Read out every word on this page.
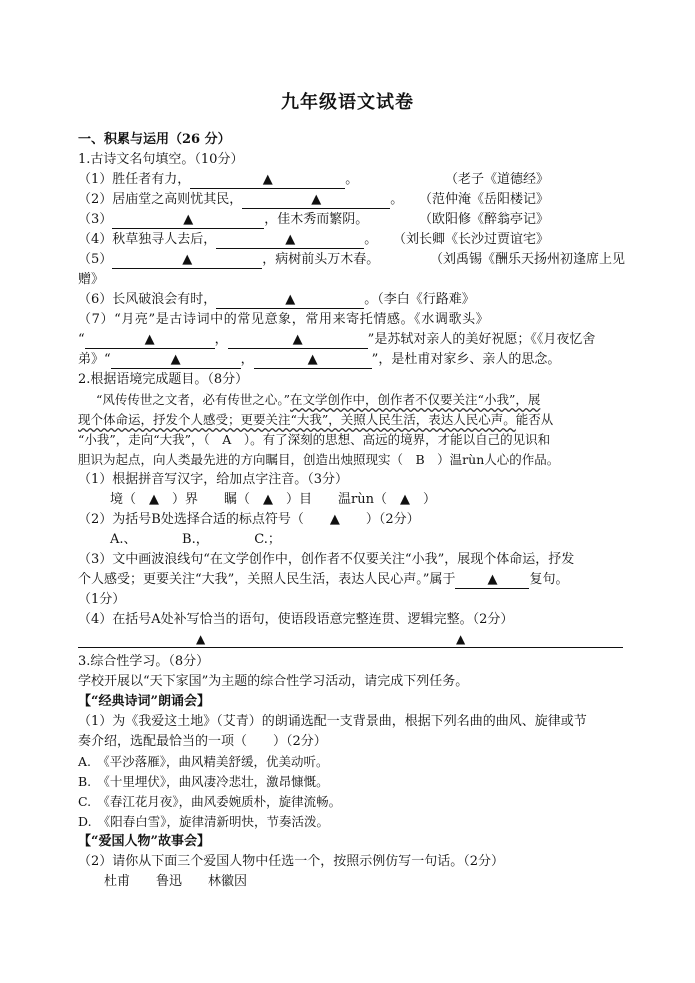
九年级语文试卷
一、积累与运用（26 分）
1.古诗文名句填空。（10分）
（1）胜任者有力，	▲	。	（老子《道德经》
（2）居庙堂之高则忧其民，	▲	。 （范仲淹《岳阳楼记》
（3）	▲	，佳木秀而繁阴。	（欧阳修《醉翁亭记》
（4）秋草独寻人去后，	▲	。 （刘长卿《长沙过贾谊宅》
（5）	▲	，病树前头万木春。	（刘禹锡《酬乐天扬州初逢席上见
赠》
（6）长风破浪会有时，	▲	。（李白《行路难》
（7）“月亮”是古诗词中的常见意象，常用来寄托情感。《水调歌头》
“	▲	，	▲	”是苏轼对亲人的美好祝愿；《《月夜忆舍
弟》“	▲	，	▲	”，是杜甫对家乡、亲人的思念。
2.根据语境完成题目。（8分）
“风传传世之文者，必有传世之心。”在文学创作中，创作者不仅要关注“小我”，展
现个体命运，抒发个人感受；更要关注“大我”，关照人民生活，表达人民心声。能否从
“小我”，走向“大我”，（　A　）。有了深刻的思想、高远的境界，才能以自己的见识和
胆识为起点，向人类最先进的方向瞩目，创造出烛照现实（　B　）温rùn人心的作品。
（1）根据拼音写汉字，给加点字注音。（3分）
境（　▲　）界　　瞩（　▲　）目　　温rùn（　▲　）
（2）为括号B处选择合适的标点符号（　　▲　　）（2分）
A.、　　　　B.，　　　　C.；
（3）文中画波浪线句“在文学创作中，创作者不仅要关注“小我”，展现个体命运，抒发
个人感受；更要关注“大我”，关照人民生活，表达人民心声。”属于 ▲ 复句。
（1分）
（4）在括号A处补写恰当的语句，使语段语意完整连贯、逻辑完整。（2分）
▲	▲
3.综合性学习。（8分）
学校开展以“天下家国”为主题的综合性学习活动，请完成下列任务。
【“经典诗词”朗诵会】
（1）为《我爱这土地》（艾青）的朗诵选配一支背景曲，根据下列名曲的曲风、旋律或节
奏介绍，选配最恰当的一项（　　）（2分）
A.　《平沙落雁》，曲风精美舒缓，优美动听。
B.　《十里埋伏》，曲风凄冷悲壮，激昂慷慨。
C.　《春江花月夜》，曲风委婉质朴，旋律流畅。
D.　《阳春白雪》，旋律清新明快，节奏活泼。
【“爱国人物”故事会】
（2）请你从下面三个爱国人物中任选一个，按照示例仿写一句话。（2分）
杜甫　　鲁迅　　林徽因
